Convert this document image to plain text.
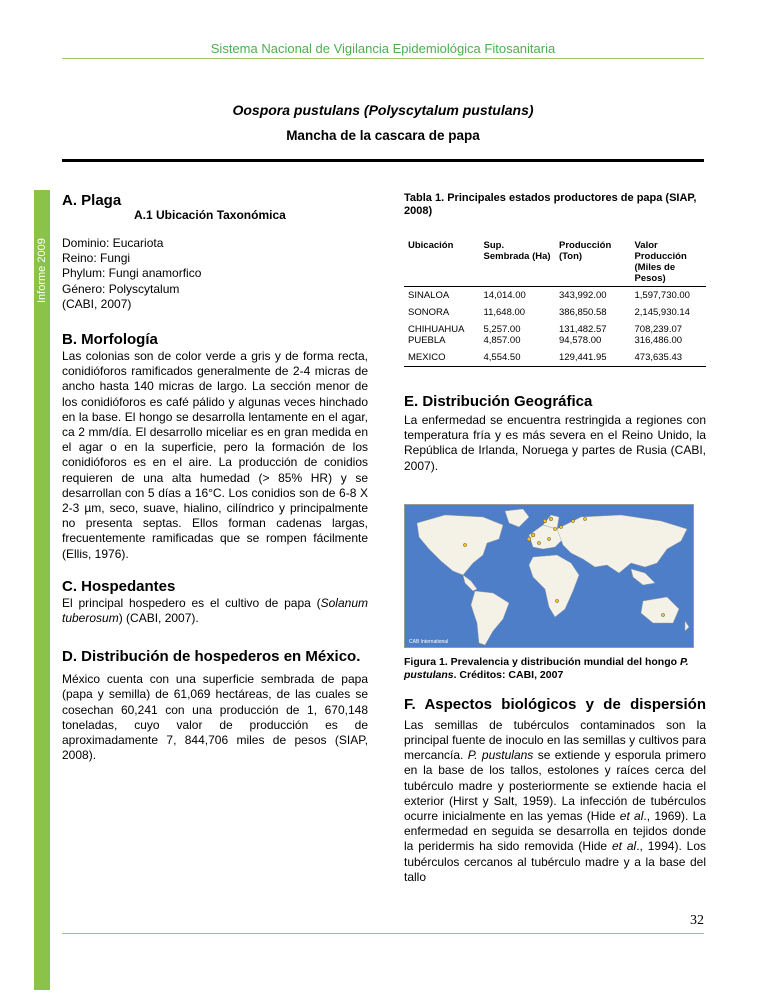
Sistema Nacional de Vigilancia Epidemiológica Fitosanitaria
Informe 2009
Oospora pustulans (Polyscytalum pustulans)
Mancha de la cascara de papa
A. Plaga
A.1 Ubicación Taxonómica

Dominio: Eucariota

Reino: Fungi

Phylum: Fungi anamorfico

Género: Polyscytalum

(CABI, 2007)

B. Morfología

Las colonias son de color verde a gris y de forma recta, conidióforos ramificados generalmente de 2-4 micras de ancho hasta 140 micras de largo. La sección menor de los conidióforos es café pálido y algunas veces hinchado en la base. El hongo se desarrolla lentamente en el agar, ca 2 mm/día. El desarrollo miceliar es en gran medida en el agar o en la superficie, pero la formación de los conidióforos es en el aire. La producción de conidios requieren de una alta humedad (> 85% HR) y se desarrollan con 5 días a 16°C. Los conidios son de 6-8 X 2-3 µm, seco, suave, hialino, cilíndrico y principalmente no presenta septas. Ellos forman cadenas largas, frecuentemente ramificadas que se rompen fácilmente (Ellis, 1976).

C. Hospedantes

El principal hospedero es el cultivo de papa (Solanum tuberosum) (CABI, 2007).

D. Distribución de hospederos en México.

México cuenta con una superficie sembrada de papa (papa y semilla) de 61,069 hectáreas, de las cuales se cosechan 60,241 con una producción de 1, 670,148 toneladas, cuyo valor de producción es de aproximadamente 7, 844,706 miles de pesos (SIAP, 2008).

Tabla 1. Principales estados productores de papa (SIAP, 2008)
Ubicación	Sup. Sembrada (Ha)	Producción (Ton)	Valor Producción (Miles de Pesos)
SINALOA	14,014.00	343,992.00	1,597,730.00
SONORA	11,648.00	386,850.58	2,145,930.14
CHIHUAHUA	5,257.00	131,482.57	708,239.07
PUEBLA	4,857.00	94,578.00	316,486.00
MEXICO	4,554.50	129,441.95	473,635.43
E. Distribución Geográfica

La enfermedad se encuentra restringida a regiones con temperatura fría y es más severa en el Reino Unido, la República de Irlanda, Noruega y partes de Rusia (CABI, 2007).

CAB International
Figura 1. Prevalencia y distribución mundial del hongo P. pustulans. Créditos: CABI, 2007
F. Aspectos biológicos y de dispersión

Las semillas de tubérculos contaminados son la principal fuente de inoculo en las semillas y cultivos para mercancía. P. pustulans se extiende y esporula primero en la base de los tallos, estolones y raíces cerca del tubérculo madre y posteriormente se extiende hacia el exterior (Hirst y Salt, 1959). La infección de tubérculos ocurre inicialmente en las yemas (Hide et al., 1969). La enfermedad en seguida se desarrolla en tejidos donde la peridermis ha sido removida (Hide et al., 1994). Los tubérculos cercanos al tubérculo madre y a la base del tallo

32
